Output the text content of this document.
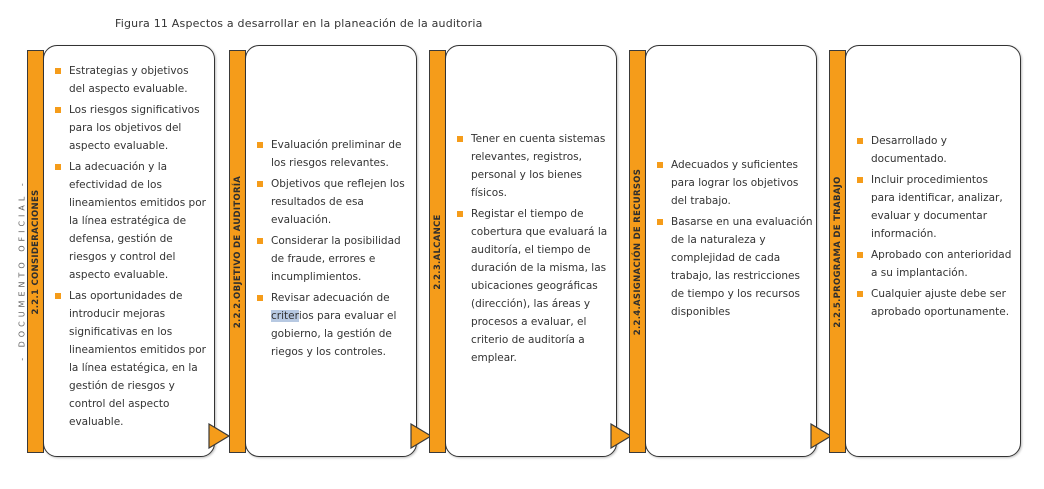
Figura 11 Aspectos a desarrollar en la planeación de la auditoria
- DOCUMENTO OFICIAL - 2.2.1 CONSIDERACIONES
Estrategias y objetivos del aspecto evaluable.
Los riesgos significativos para los objetivos del aspecto evaluable.
La adecuación y la efectividad de los lineamientos emitidos por la línea estratégica de defensa, gestión de riesgos y control del aspecto evaluable.
Las oportunidades de introducir mejoras significativas en los lineamientos emitidos por la línea estatégica, en la gestión de riesgos y control del aspecto evaluable.
2.2.2.OBJETIVO DE AUDITORÍA
Evaluación preliminar de los riesgos relevantes.
Objetivos que reflejen los resultados de esa evaluación.
Considerar la posibilidad de fraude, errores e incumplimientos.
Revisar adecuación de criterios para evaluar el gobierno, la gestión de riegos y los controles.
2.2.3.ALCANCE
Tener en cuenta sistemas relevantes, registros, personal y los bienes físicos.
Registar el tiempo de cobertura que evaluará la auditoría, el tiempo de duración de la misma, las ubicaciones geográficas (dirección), las áreas y procesos a evaluar, el criterio de auditoría a emplear.
2.2.4.ASIGNACIÓN DE RECURSOS
Adecuados y suficientes para lograr los objetivos del trabajo.
Basarse en una evaluación de la naturaleza y complejidad de cada trabajo, las restricciones de tiempo y los recursos disponibles	2.2.5.PROGRAMA DE TRABAJO
Desarrollado y documentado.
Incluir procedimientos para identificar, analizar, evaluar y documentar información.
Aprobado con anterioridad a su implantación.
Cualquier ajuste debe ser aprobado oportunamente.
